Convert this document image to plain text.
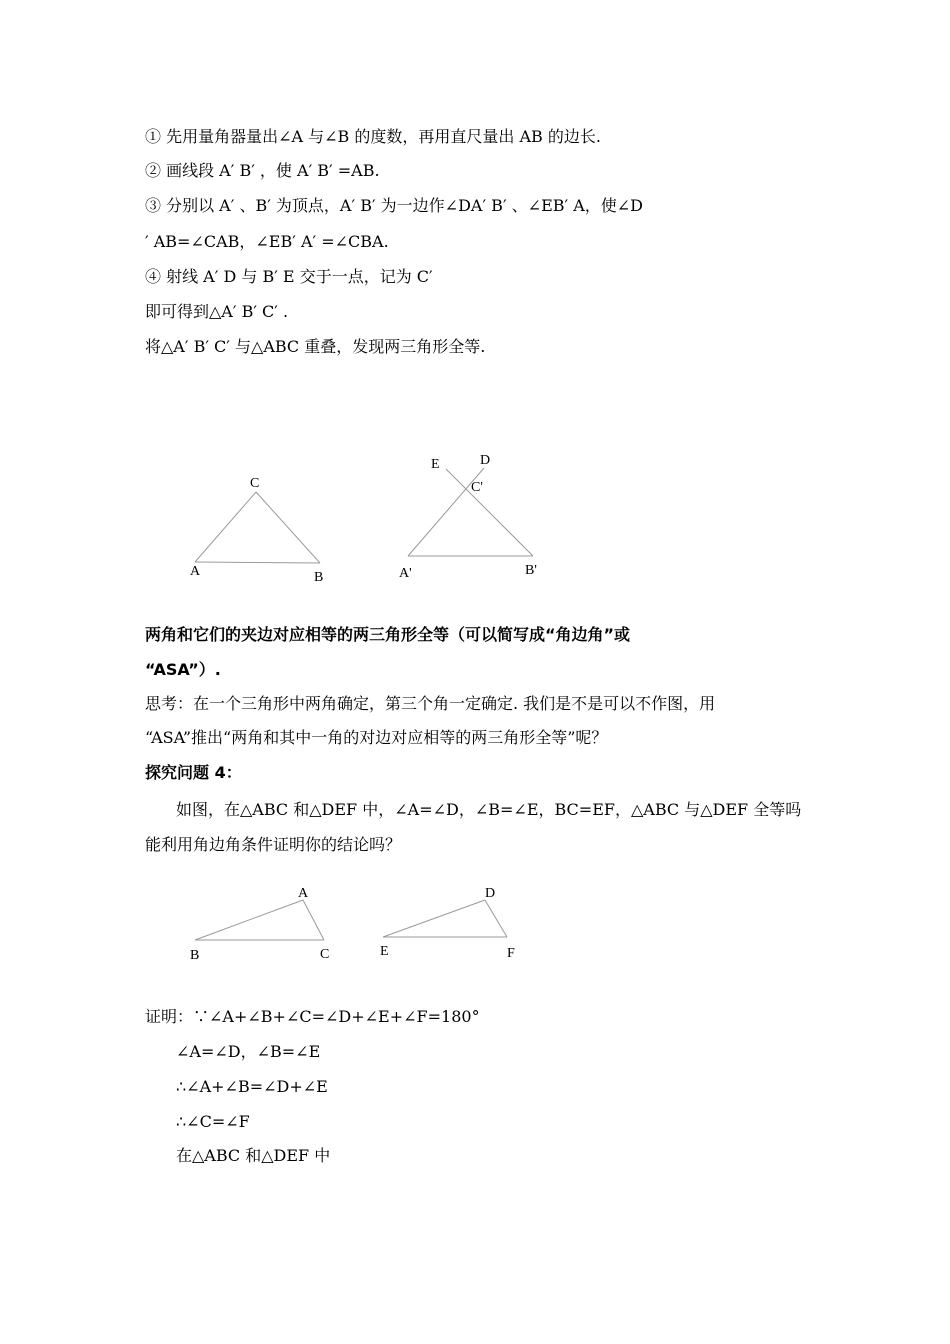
① 先用量角器量出∠A 与∠B 的度数，再用直尺量出 AB 的边长.
② 画线段 A′ B′ ，使 A′ B′ =AB.
③ 分别以 A′ 、B′ 为顶点，A′ B′ 为一边作∠DA′ B′ 、∠EB′ A，使∠D
′ AB=∠CAB，∠EB′ A′ =∠CBA.
④ 射线 A′ D 与 B′ E 交于一点，记为 C′
即可得到△A′ B′ C′ .
将△A′ B′ C′ 与△ABC 重叠，发现两三角形全等.
C
A	B
E	D
C'
A'	B'
A
B	C
D
E	F
两角和它们的夹边对应相等的两三角形全等（可以简写成“角边角”或
“ASA”）.
思考：在一个三角形中两角确定，第三个角一定确定. 我们是不是可以不作图，用
“ASA”推出“两角和其中一角的对边对应相等的两三角形全等”呢？
探究问题 4：
如图，在△ABC 和△DEF 中，∠A=∠D，∠B=∠E，BC=EF，△ABC 与△DEF 全等吗
能利用角边角条件证明你的结论吗？
证明：∵∠A+∠B+∠C=∠D+∠E+∠F=180°
∠A=∠D，∠B=∠E
∴∠A+∠B=∠D+∠E
∴∠C=∠F
在△ABC 和△DEF 中
